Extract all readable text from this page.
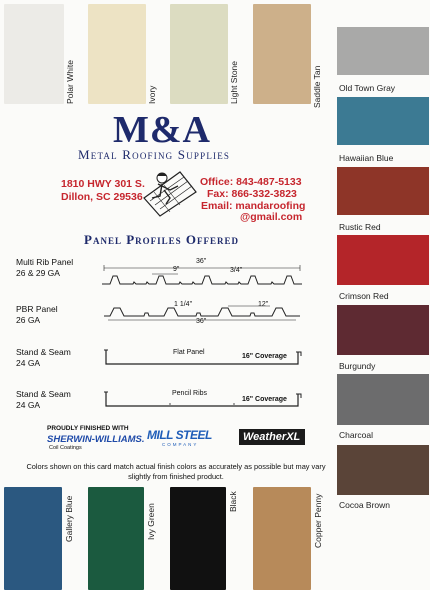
Polar White	Ivory	Light Stone	Saddle Tan Old Town Gray
Hawaiian Blue
Rustic Red
Crimson Red
Burgundy
Charcoal
Cocoa Brown
M&A
Metal Roofing Supplies
1810 HWY 301 S.
Dillon, SC 29536
Office: 843-487-5133
Fax: 866-332-3823
Email: mandaroofing
@gmail.com
Panel Profiles Offered
Multi Rib Panel
26 & 29 GA
36"
9"	3/4"
PBR Panel
26 GA
1 1/4"	12"
36"
Stand & Seam
24 GA
Flat Panel
16" Coverage
Stand & Seam
24 GA
Pencil Ribs
16" Coverage
PROUDLY FINISHED WITH
SHERWIN-WILLIAMS.
Coil Coatings
MILL STEEL
COMPANY
WeatherXL
Colors shown on this card match actual finish colors as accurately as possible but may vary slightly from finished product.
Gallery Blue	Ivy Green
Black	Copper Penny
